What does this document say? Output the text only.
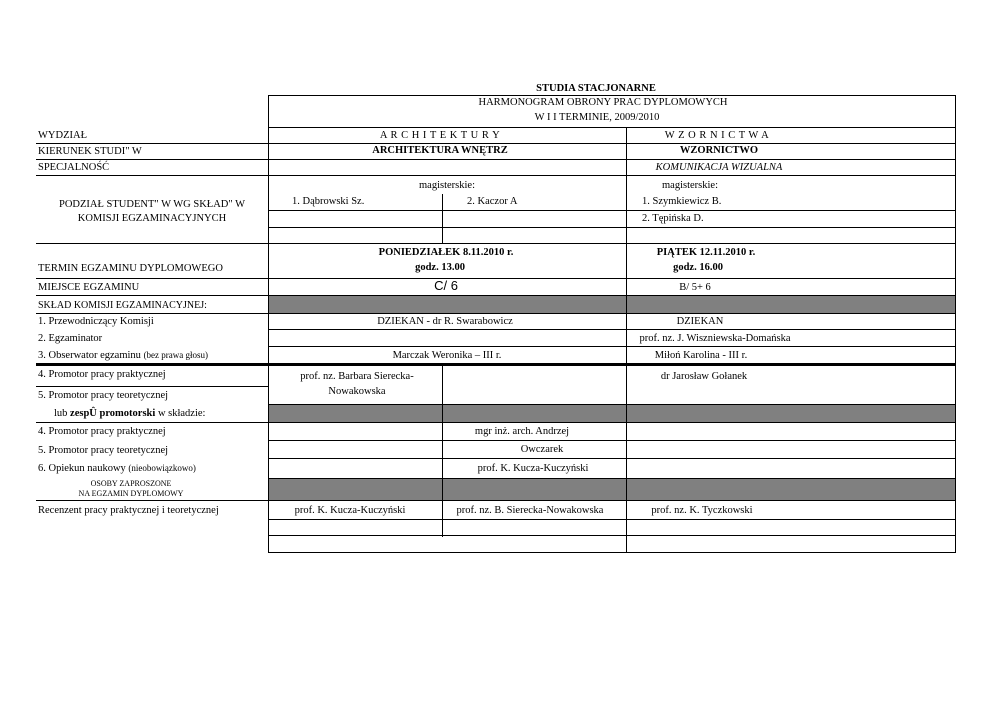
STUDIA STACJONARNE
HARMONOGRAM OBRONY PRAC DYPLOMOWYCH
W I I TERMINIE, 2009/2010
WYDZIAŁ
KIERUNEK STUDI" W
SPECJALNOŚĆ
PODZIAŁ STUDENT" W WG SKŁAD" W
KOMISJI EGZAMINACYJNYCH
TERMIN EGZAMINU DYPLOMOWEGO
MIEJSCE EGZAMINU
SKŁAD KOMISJI EGZAMINACYJNEJ:
1. Przewodniczący Komisji
2. Egzaminator
3. Obserwator egzaminu (bez prawa głosu)
4. Promotor pracy praktycznej
5. Promotor pracy teoretycznej
lub zespÛ promotorski w składzie:
4. Promotor pracy praktycznej
5. Promotor pracy teoretycznej
6. Opiekun naukowy (nieobowiązkowo)
OSOBY ZAPROSZONE
NA EGZAMIN DYPLOMOWY
Recenzent pracy praktycznej i teoretycznej
A R C H I T E K T U R Y
ARCHITEKTURA WNĘTRZ
magisterskie:
1. Dąbrowski Sz.	2. Kaczor A
PONIEDZIAŁEK 8.11.2010 r.
godz. 13.00
C/ 6
DZIEKAN - dr R. Swarabowicz
Marczak Weronika – III r.
prof. nz. Barbara Sierecka-
Nowakowska
mgr inż. arch. Andrzej
Owczarek
prof. K. Kucza-Kuczyński
prof. K. Kucza-Kuczyński	prof. nz. B. Sierecka-Nowakowska
W Z O R N I C T W A
WZORNICTWO
KOMUNIKACJA WIZUALNA
magisterskie:
1. Szymkiewicz B.
2. Tępińska D.
PIĄTEK 12.11.2010 r.
godz. 16.00
B/ 5+ 6
DZIEKAN
prof. nz. J. Wiszniewska-Domańska
Miłoń Karolina - III r.
dr Jarosław Gołanek
prof. nz. K. Tyczkowski
